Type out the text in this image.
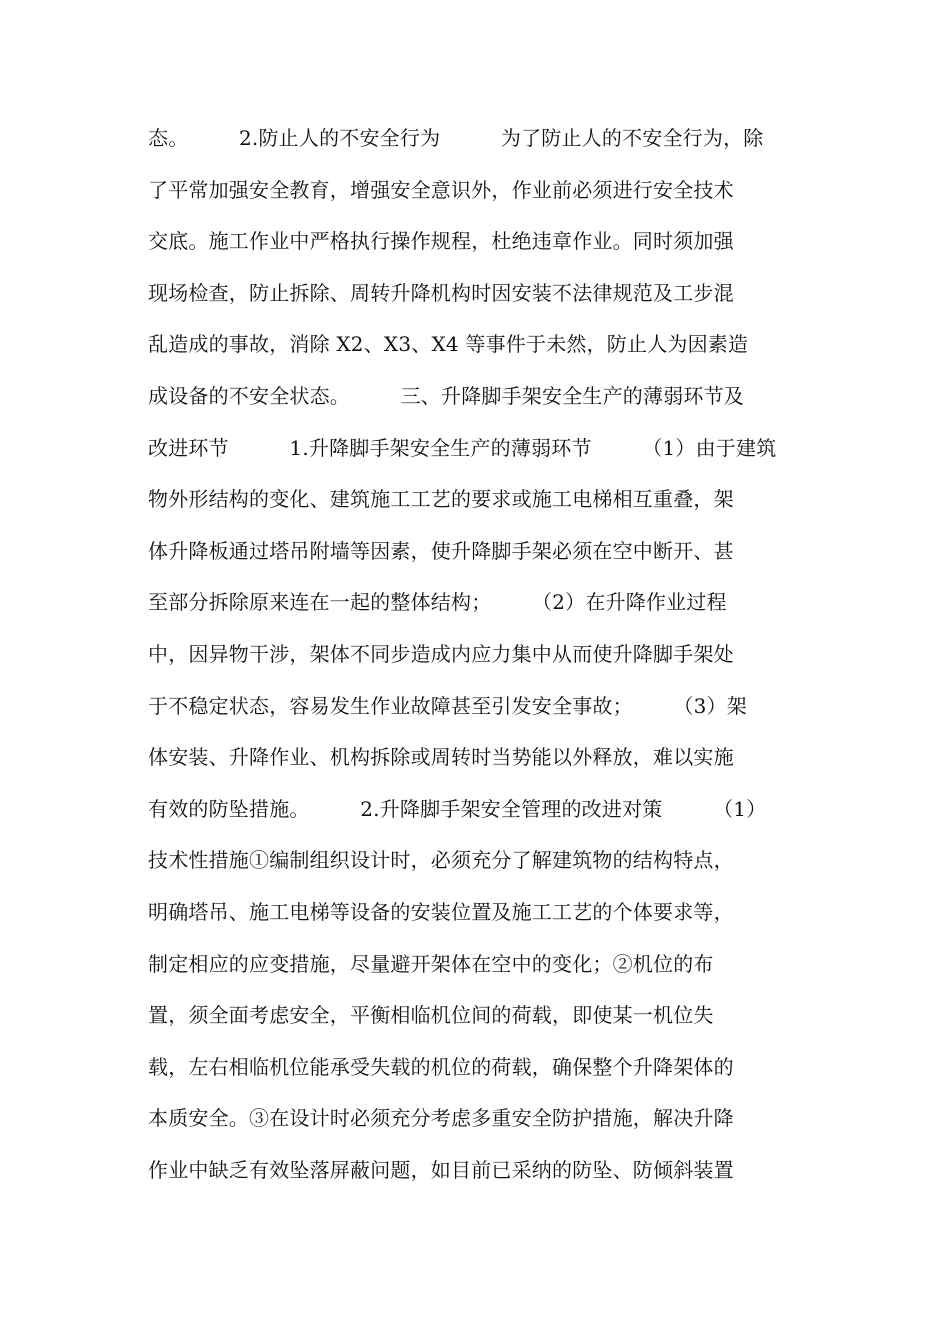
态。　　　2.防止人的不安全行为　　　为了防止人的不安全行为，除
了平常加强安全教育，增强安全意识外，作业前必须进行安全技术
交底。施工作业中严格执行操作规程，杜绝违章作业。同时须加强
现场检查，防止拆除、周转升降机构时因安装不法律规范及工步混
乱造成的事故，消除 X2、X3、X4 等事件于未然，防止人为因素造
成设备的不安全状态。　　　三、升降脚手架安全生产的薄弱环节及
改进环节　　　1.升降脚手架安全生产的薄弱环节　　　（1）由于建筑
物外形结构的变化、建筑施工工艺的要求或施工电梯相互重叠，架
体升降板通过塔吊附墙等因素，使升降脚手架必须在空中断开、甚
至部分拆除原来连在一起的整体结构；　　　（2）在升降作业过程
中，因异物干涉，架体不同步造成内应力集中从而使升降脚手架处
于不稳定状态，容易发生作业故障甚至引发安全事故；　　　（3）架
体安装、升降作业、机构拆除或周转时当势能以外释放，难以实施
有效的防坠措施。　　　2.升降脚手架安全管理的改进对策　　　（1）
技术性措施①编制组织设计时，必须充分了解建筑物的结构特点，
明确塔吊、施工电梯等设备的安装位置及施工工艺的个体要求等，
制定相应的应变措施，尽量避开架体在空中的变化；②机位的布
置，须全面考虑安全，平衡相临机位间的荷载，即使某一机位失
载，左右相临机位能承受失载的机位的荷载，确保整个升降架体的
本质安全。③在设计时必须充分考虑多重安全防护措施，解决升降
作业中缺乏有效坠落屏蔽问题，如目前已采纳的防坠、防倾斜装置
